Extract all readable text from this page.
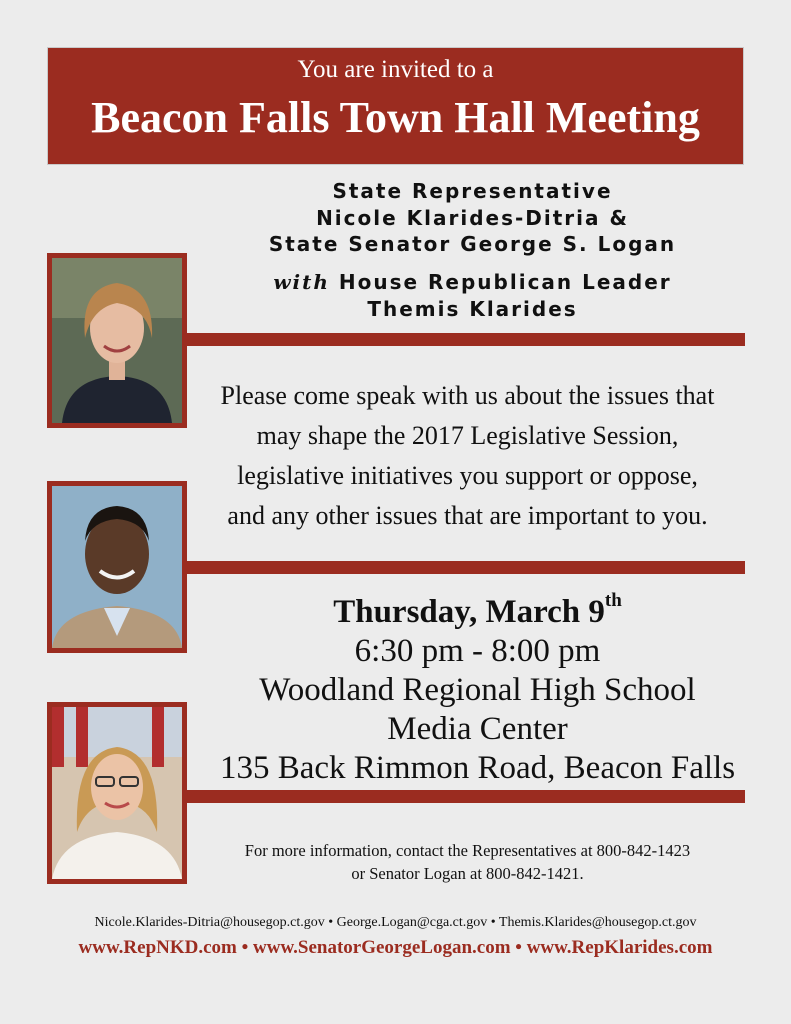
You are invited to a
Beacon Falls Town Hall Meeting
State Representative
Nicole Klarides-Ditria &
State Senator George S. Logan
with House Republican Leader
Themis Klarides
Please come speak with us about the issues that
may shape the 2017 Legislative Session,
legislative initiatives you support or oppose,
and any other issues that are important to you.
Thursday, March 9th
6:30 pm - 8:00 pm
Woodland Regional High School
Media Center
135 Back Rimmon Road, Beacon Falls
For more information, contact the Representatives at 800-842-1423
or Senator Logan at 800-842-1421.
Nicole.Klarides-Ditria@housegop.ct.gov • George.Logan@cga.ct.gov • Themis.Klarides@housegop.ct.gov
www.RepNKD.com • www.SenatorGeorgeLogan.com • www.RepKlarides.com
